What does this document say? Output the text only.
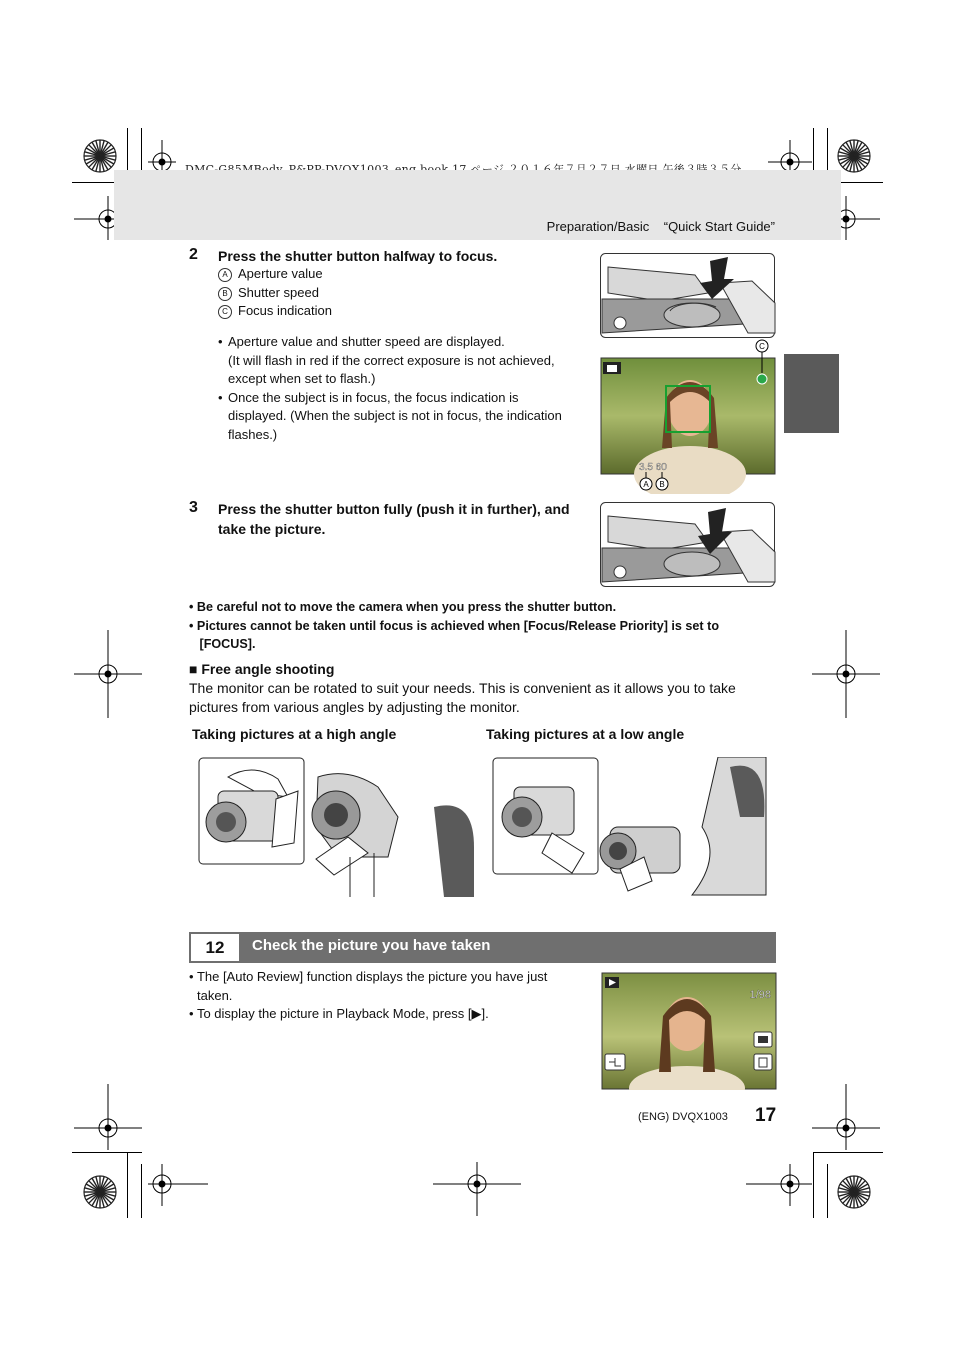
Preparation/Basic “Quick Start Guide”
2 Press the shutter button halfway to focus.
A Aperture value
B Shutter speed
C Focus indication
• Aperture value and shutter speed are displayed.
(It will flash in red if the correct exposure is not achieved,
except when set to flash.)
• Once the subject is in focus, the focus indication is
displayed. (When the subject is not in focus, the indication
flashes.)
C
3.5 60
A B
3 Press the shutter button fully (push it in further), and
take the picture.
• Be careful not to move the camera when you press the shutter button.
• Pictures cannot be taken until focus is achieved when [Focus/Release Priority] is set to
[FOCUS].
■ Free angle shooting
The monitor can be rotated to suit your needs. This is convenient as it allows you to take
pictures from various angles by adjusting the monitor.
Taking pictures at a high angle	Taking pictures at a low angle
12	Check the picture you have taken
• The [Auto Review] function displays the picture you have just
taken.
• To display the picture in Playback Mode, press [▶].
1/98
(ENG) DVQX1003 17
